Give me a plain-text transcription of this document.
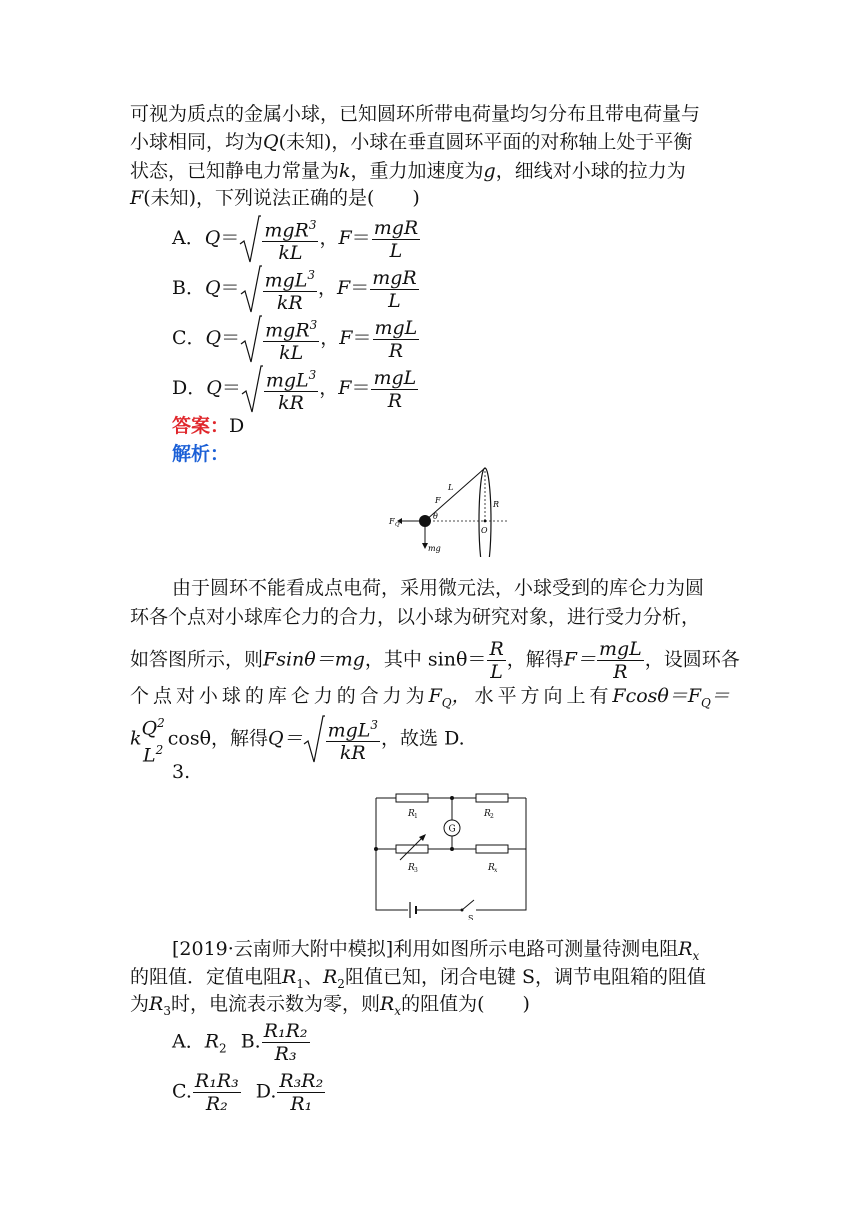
可视为质点的金属小球，已知圆环所带电荷量均匀分布且带电荷量与
小球相同，均为Q(未知)，小球在垂直圆环平面的对称轴上处于平衡
状态，已知静电力常量为k，重力加速度为g，细线对小球的拉力为
F(未知)，下列说法正确的是(　　)
A．$Q= \frac{mgR^3}{kL}$ ，$F= \frac{\text{mgR}}{L}$
B．$Q= \frac{mgL^3}{kR}$ ，$F= \frac{\text{mgR}}{L}$
C．$Q= \frac{mgR^3}{kL}$ ，$F= \frac{\text{mgL}}{R}$
D．$Q= \frac{mgL^3}{kR}$ ，$F= \frac{\text{mgL}}{R}$
答案：D
解析：
L
F
θ
R
O
F Q
mg
由于圆环不能看成点电荷，采用微元法，小球受到的库仑力为圆
环各个点对小球库仑力的合力，以小球为研究对象，进行受力分析，
如答图所示，则Fsinθ＝mg，其中 $\sin\theta= \frac{R}{L}$ ，解得$F= \frac{\text{mgL}}{R}$ ，设圆环各
个 点 对 小 球 的 库 仑 力 的 合 力 为 $F_Q$， 水 平 方 向 上 有 $Fcos\theta=F_Q=$
k $Q^2$
$L^2$
cosθ，解得$Q= \frac{mgL^3}{kR}$ ，故选 D.
3.
R 1	R 2
R 3	R x
G
S
[2019·云南师大附中模拟]利用如图所示电路可测量待测电阻$R_x$
的阻值．定值电阻$R_1$、$R_2$阻值已知，闭合电键 S，调节电阻箱的阻值
为$R_3$时，电流表示数为零，则$R_x$的阻值为(　　)
A．$R_2$ B. $\frac{\text{R₁R₂}}{\text{R₃}}$
C. $\frac{\text{R₁R₃}}{\text{R₂}} D$. $\frac{\text{R₃R₂}}{\text{R₁}}$
